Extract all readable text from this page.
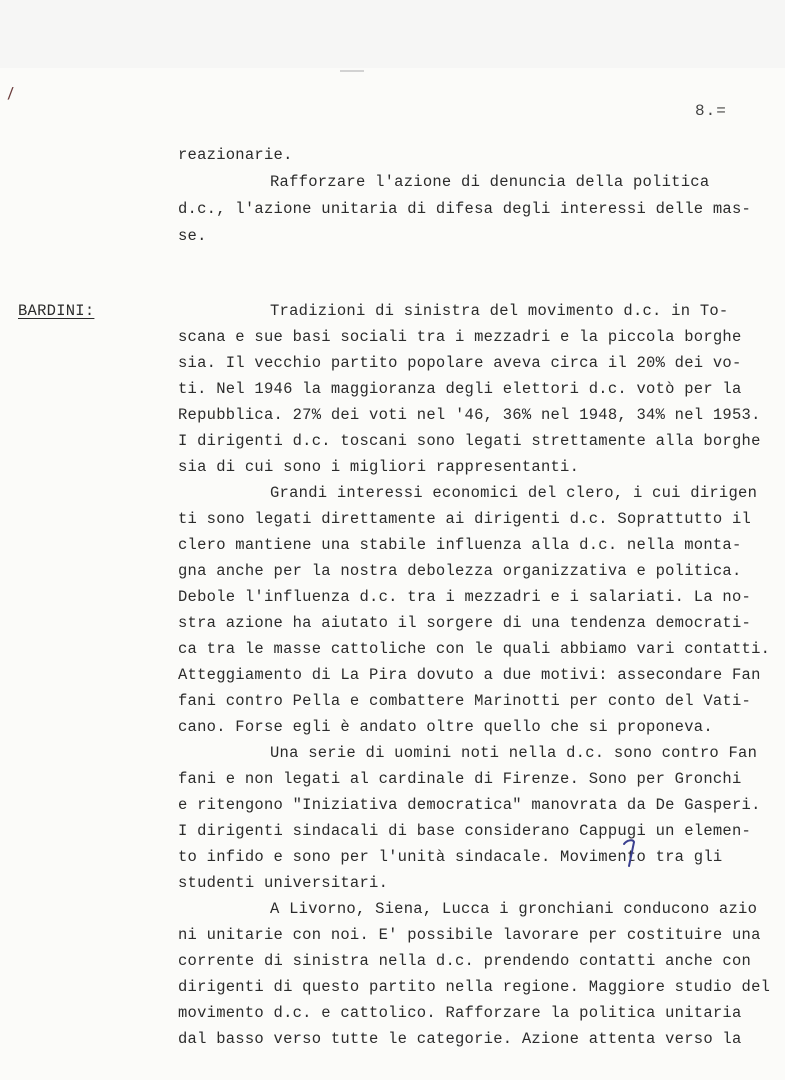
/
8.=
BARDINI:
reazionarie.
Rafforzare l'azione di denuncia della politica
d.c., l'azione unitaria di difesa degli interessi delle mas-
se.
Tradizioni di sinistra del movimento d.c. in To-
scana e sue basi sociali tra i mezzadri e la piccola borghe
sia. Il vecchio partito popolare aveva circa il 20% dei vo-
ti. Nel 1946 la maggioranza degli elettori d.c. votò per la
Repubblica. 27% dei voti nel '46, 36% nel 1948, 34% nel 1953.
I dirigenti d.c. toscani sono legati strettamente alla borghe
sia di cui sono i migliori rappresentanti.
Grandi interessi economici del clero, i cui dirigen
ti sono legati direttamente ai dirigenti d.c. Soprattutto il
clero mantiene una stabile influenza alla d.c. nella monta-
gna anche per la nostra debolezza organizzativa e politica.
Debole l'influenza d.c. tra i mezzadri e i salariati. La no-
stra azione ha aiutato il sorgere di una tendenza democrati-
ca tra le masse cattoliche con le quali abbiamo vari contatti.
Atteggiamento di La Pira dovuto a due motivi: assecondare Fan
fani contro Pella e combattere Marinotti per conto del Vati-
cano. Forse egli è andato oltre quello che si proponeva.
Una serie di uomini noti nella d.c. sono contro Fan
fani e non legati al cardinale di Firenze. Sono per Gronchi
e ritengono "Iniziativa democratica" manovrata da De Gasperi.
I dirigenti sindacali di base considerano Cappugi un elemen-
to infido e sono per l'unità sindacale. Movimento tra gli
studenti universitari.
A Livorno, Siena, Lucca i gronchiani conducono azio
ni unitarie con noi. E' possibile lavorare per costituire una
corrente di sinistra nella d.c. prendendo contatti anche con
dirigenti di questo partito nella regione. Maggiore studio del
movimento d.c. e cattolico. Rafforzare la politica unitaria
dal basso verso tutte le categorie. Azione attenta verso la
